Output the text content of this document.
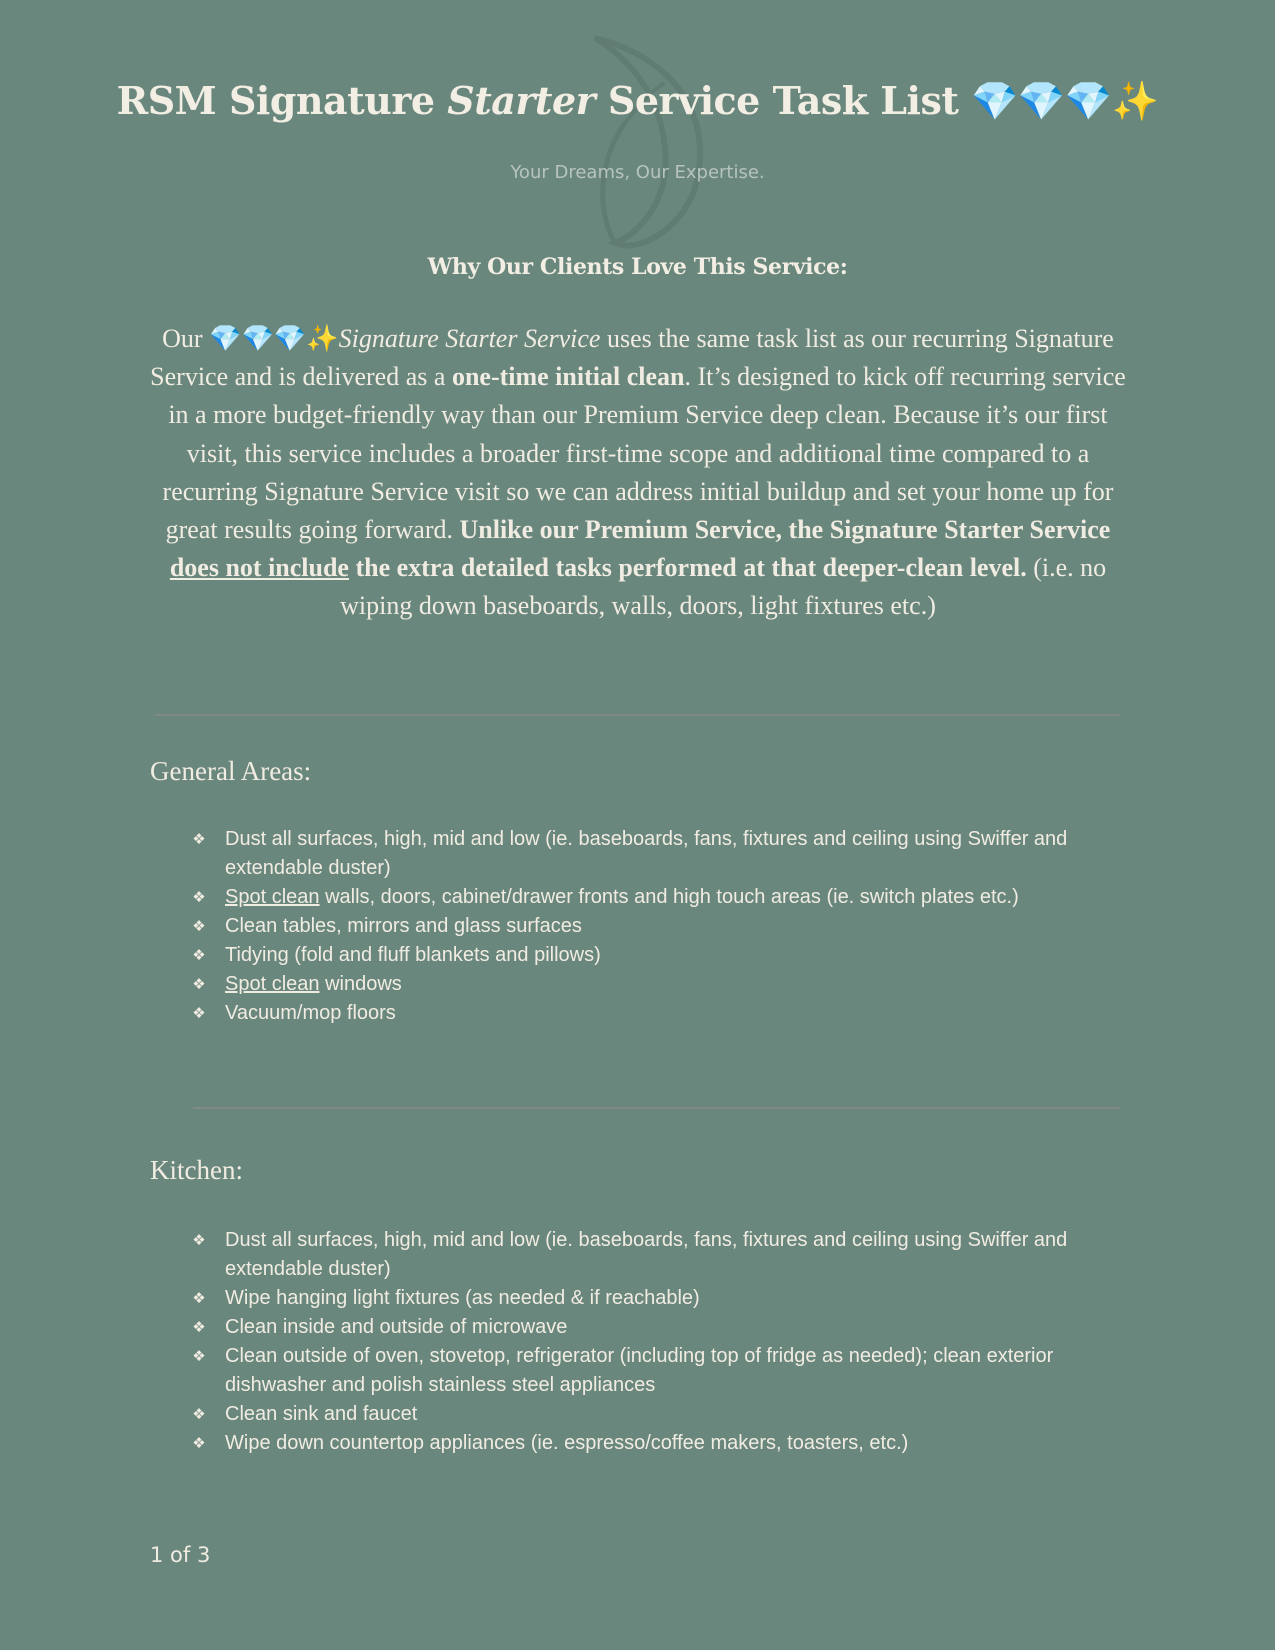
RSM Signature Starter Service Task List 💎💎💎✨
Your Dreams, Our Expertise.
Why Our Clients Love This Service:

Our 💎💎💎✨Signature Starter Service uses the same task list as our recurring Signature Service and is delivered as a one-time initial clean. It’s designed to kick off recurring service in a more budget-friendly way than our Premium Service deep clean. Because it’s our first visit, this service includes a broader first-time scope and additional time compared to a recurring Signature Service visit so we can address initial buildup and set your home up for great results going forward. Unlike our Premium Service, the Signature Starter Service does not include the extra detailed tasks performed at that deeper-clean level. (i.e. no wiping down baseboards, walls, doors, light fixtures etc.)

General Areas:
❖ Dust all surfaces, high, mid and low (ie. baseboards, fans, fixtures and ceiling using Swiffer and extendable duster)
❖ Spot clean walls, doors, cabinet/drawer fronts and high touch areas (ie. switch plates etc.)
❖ Clean tables, mirrors and glass surfaces
❖ Tidying (fold and fluff blankets and pillows)
❖ Spot clean windows
❖ Vacuum/mop floors
Kitchen:
❖ Dust all surfaces, high, mid and low (ie. baseboards, fans, fixtures and ceiling using Swiffer and extendable duster)
❖ Wipe hanging light fixtures (as needed & if reachable)
❖ Clean inside and outside of microwave
❖ Clean outside of oven, stovetop, refrigerator (including top of fridge as needed); clean exterior dishwasher and polish stainless steel appliances
❖ Clean sink and faucet
❖ Wipe down countertop appliances (ie. espresso/coffee makers, toasters, etc.)
1 of 3
